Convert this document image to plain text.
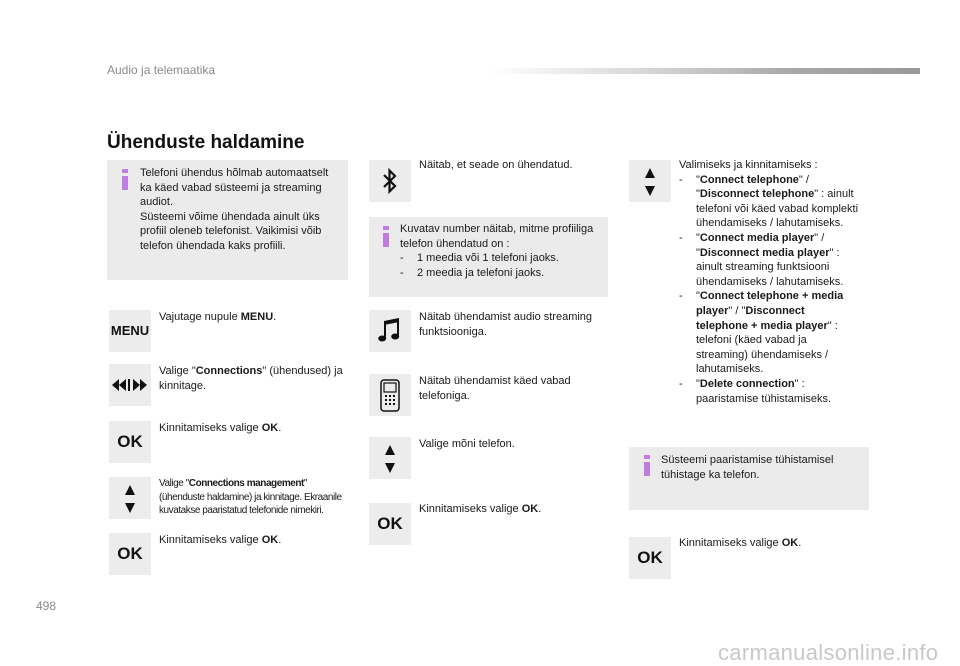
Audio ja telemaatika
Ühenduste haldamine
Telefoni ühendus hõlmab automaatselt ka käed vabad süsteemi ja streaming audiot.
Süsteemi võime ühendada ainult üks profiil oleneb telefonist. Vaikimisi võib telefon ühendada kaks profiili.
MENU
Vajutage nupule MENU.
Valige "Connections" (ühendused) ja kinnitage.
OK
Kinnitamiseks valige OK.
Valige "Connections management" (ühenduste haldamine) ja kinnitage. Ekraanile kuvatakse paaristatud telefonide nimekiri.
OK
Kinnitamiseks valige OK.
Näitab, et seade on ühendatud.
Kuvatav number näitab, mitme profiiliga telefon ühendatud on :
- 1 meedia või 1 telefoni jaoks.
- 2 meedia ja telefoni jaoks.
Näitab ühendamist audio streaming funktsiooniga.
Näitab ühendamist käed vabad telefoniga.
Valige mõni telefon.
OK
Kinnitamiseks valige OK.
Valimiseks ja kinnitamiseks :
- "Connect telephone" / "Disconnect telephone" : ainult telefoni või käed vabad komplekti ühendamiseks / lahutamiseks.
- "Connect media player" / "Disconnect media player" : ainult streaming funktsiooni ühendamiseks / lahutamiseks.
- "Connect telephone + media player" / "Disconnect telephone + media player" : telefoni (käed vabad ja streaming) ühendamiseks / lahutamiseks.
- "Delete connection" : paaristamise tühistamiseks.
Süsteemi paaristamise tühistamisel tühistage ka telefon.
OK
Kinnitamiseks valige OK.
498
carmanualsonline.info
